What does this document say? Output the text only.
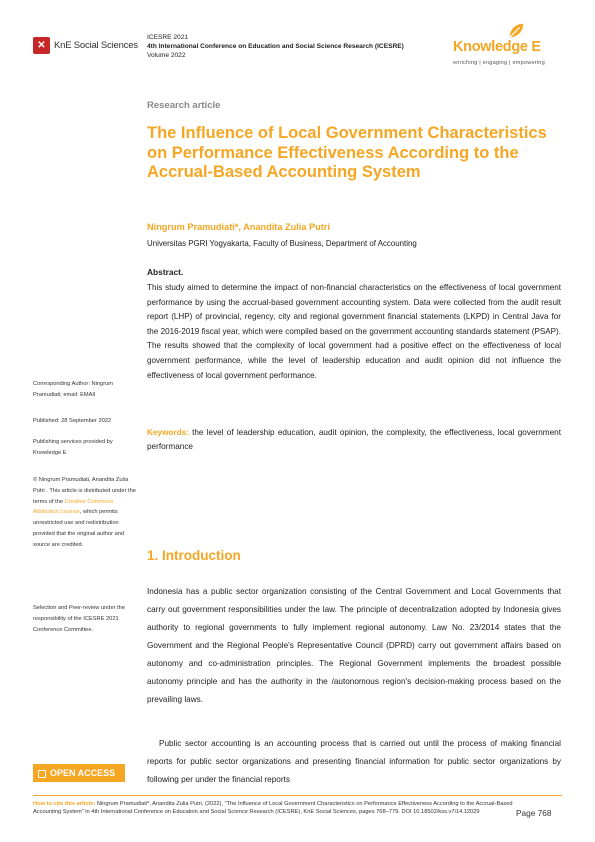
✕ KnE Social Sciences
ICESRE 2021
4th International Conference on Education and Social Science Research (ICESRE)
Volume 2022
Knowledge E
enriching | engaging | empowering
Research article
The Influence of Local Government Characteristics on Performance Effectiveness According to the Accrual-Based Accounting System
Ningrum Pramudiati*, Anandita Zulia Putri
Universitas PGRI Yogyakarta, Faculty of Business, Department of Accounting
Abstract.
This study aimed to determine the impact of non-financial characteristics on the effectiveness of local government performance by using the accrual-based government accounting system. Data were collected from the audit result report (LHP) of provincial, regency, city and regional government financial statements (LKPD) in Central Java for the 2016-2019 fiscal year, which were compiled based on the government accounting standards statement (PSAP). The results showed that the complexity of local government had a positive effect on the effectiveness of local government performance, while the level of leadership education and audit opinion did not influence the effectiveness of local government performance.
Keywords: the level of leadership education, audit opinion, the complexity, the effectiveness, local government performance
Corresponding Author: Ningrum Pramudiati; email: EMAIl
Published: 28 September 2022
Publishing services provided by Knowledge E
© Ningrum Pramudiati, Anandita Zulia Putri . This article is distributed under the terms of the Creative Commons Attribution License, which permits unrestricted use and redistribution provided that the original author and source are credited.
Selection and Peer-review under the responsibility of the ICESRE 2021 Conference Committee.
OPEN ACCESS
1. Introduction
Indonesia has a public sector organization consisting of the Central Government and Local Governments that carry out government responsibilities under the law. The principle of decentralization adopted by Indonesia gives authority to regional governments to fully implement regional autonomy. Law No. 23/2014 states that the Government and the Regional People's Representative Council (DPRD) carry out government affairs based on autonomy and co-administration principles. The Regional Government implements the broadest possible autonomy principle and has the authority in the /autonomous region's decision-making process based on the prevailing laws.
Public sector accounting is an accounting process that is carried out until the process of making financial reports for public sector organizations and presenting financial information for public sector organizations by following per under the financial reports
How to cite this article: Ningrum Pramudiati*, Anandita Zulia Putri, (2022), "The Influence of Local Government Characteristics on Performance Effectiveness According to the Accrual-Based Accounting System" in 4th International Conference on Education and Social Science Research (ICESRE), KnE Social Sciences, pages 768–779. DOI 10.18502/kss.v7i14.12029	Page 768
